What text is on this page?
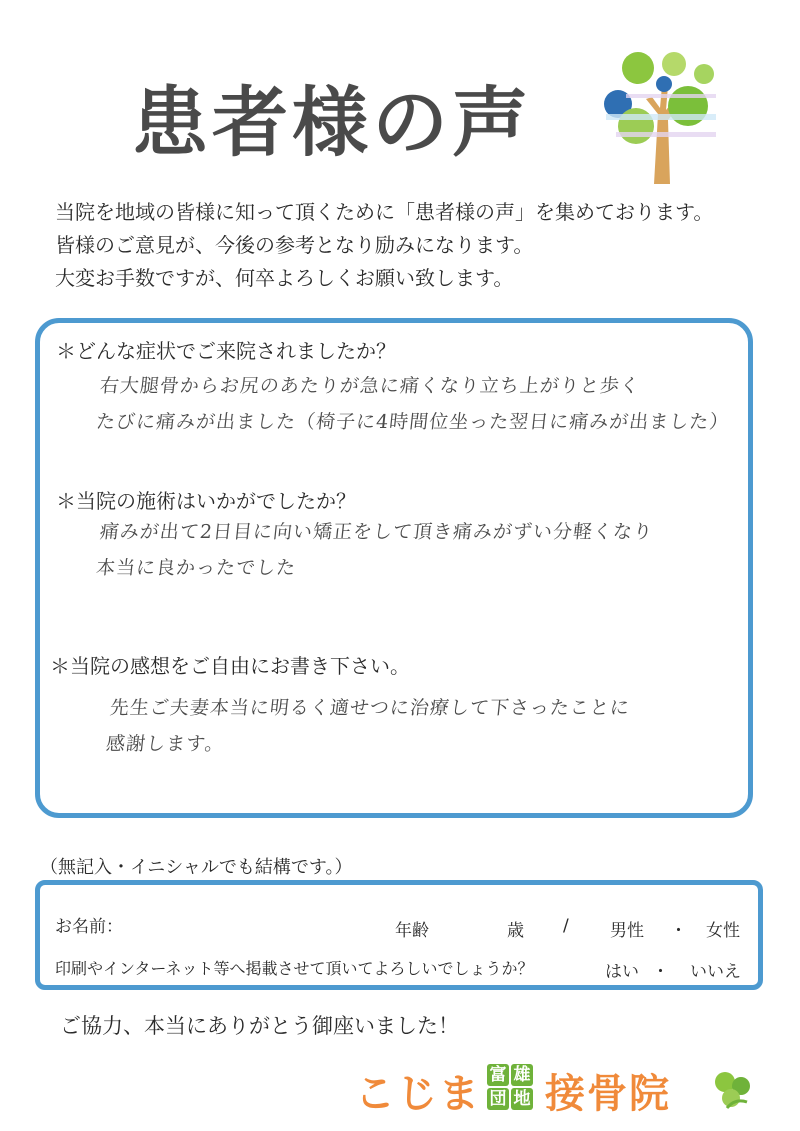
患者様の声
当院を地域の皆様に知って頂くために「患者様の声」を集めております。
皆様のご意見が、今後の参考となり励みになります。
大変お手数ですが、何卒よろしくお願い致します。
＊どんな症状でご来院されましたか？
右大腿骨からお尻のあたりが急に痛くなり立ち上がりと歩く
たびに痛みが出ました（椅子に4時間位坐った翌日に痛みが出ました）
＊当院の施術はいかがでしたか？
痛みが出て2日目に向い矯正をして頂き痛みがずい分軽くなり
本当に良かったでした
＊当院の感想をご自由にお書き下さい。
先生ご夫妻本当に明るく適せつに治療して下さったことに
感謝します。
（無記入・イニシャルでも結構です。）
お名前：	年齢	歳 / 男性 ・ 女性
印刷やインターネット等へ掲載させて頂いてよろしいでしょうか？	はい ・ いいえ
ご協力、本当にありがとう御座いました！
こじま 富 雄
団 地 接骨院
